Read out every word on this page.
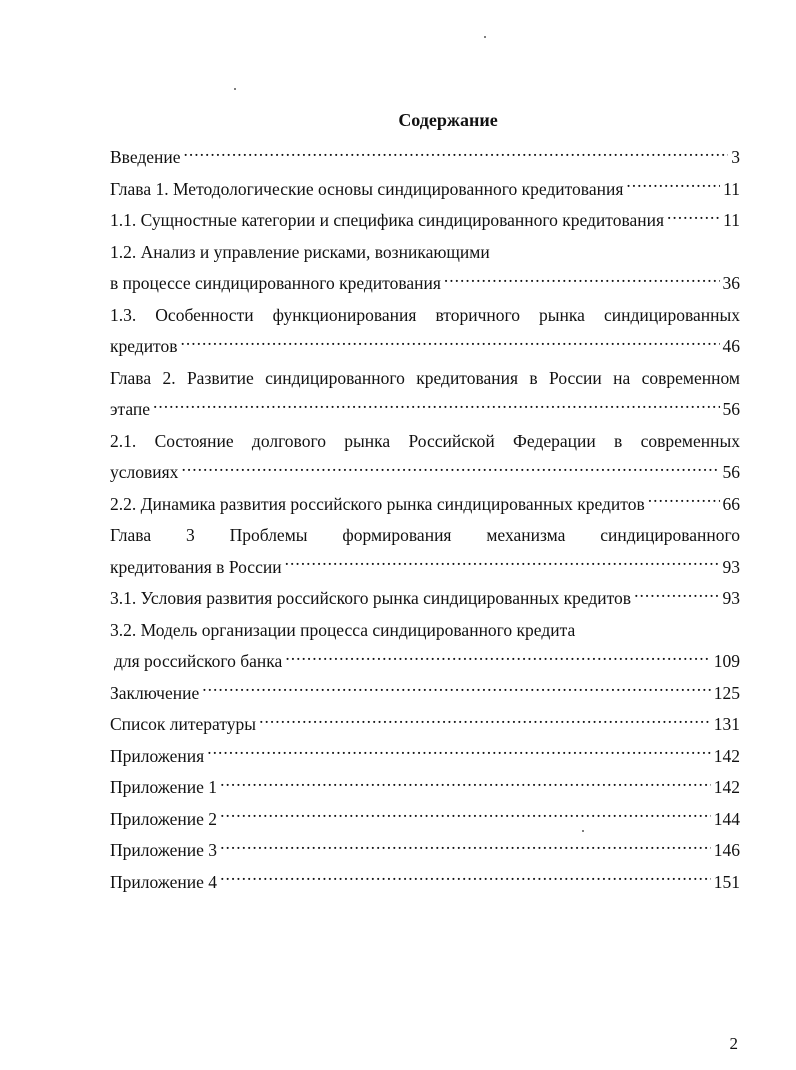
Содержание
Введение .....	3
Глава 1. Методологические основы синдицированного кредитования .....	11
1.1. Сущностные категории и специфика синдицированного кредитования .....	11
1.2. Анализ и управление рисками, возникающими
в процессе синдицированного кредитования .....	36
1.3. Особенности функционирования вторичного рынка синдицированных
кредитов .....	46
Глава 2. Развитие синдицированного кредитования в России на современном
этапе .....	56
2.1. Состояние долгового рынка Российской Федерации в современных
условиях .....	56
2.2. Динамика развития российского рынка синдицированных кредитов .....	66
Глава 3 Проблемы формирования механизма синдицированного
кредитования в России .....	93
3.1. Условия развития российского рынка синдицированных кредитов .....	93
3.2. Модель организации процесса синдицированного кредита
для российского банка .....	109
Заключение .....	125
Список литературы .....	131
Приложения .....	142
Приложение 1 .....	142
Приложение 2 .....	144
Приложение 3 .....	146
Приложение 4 .....	151
2
